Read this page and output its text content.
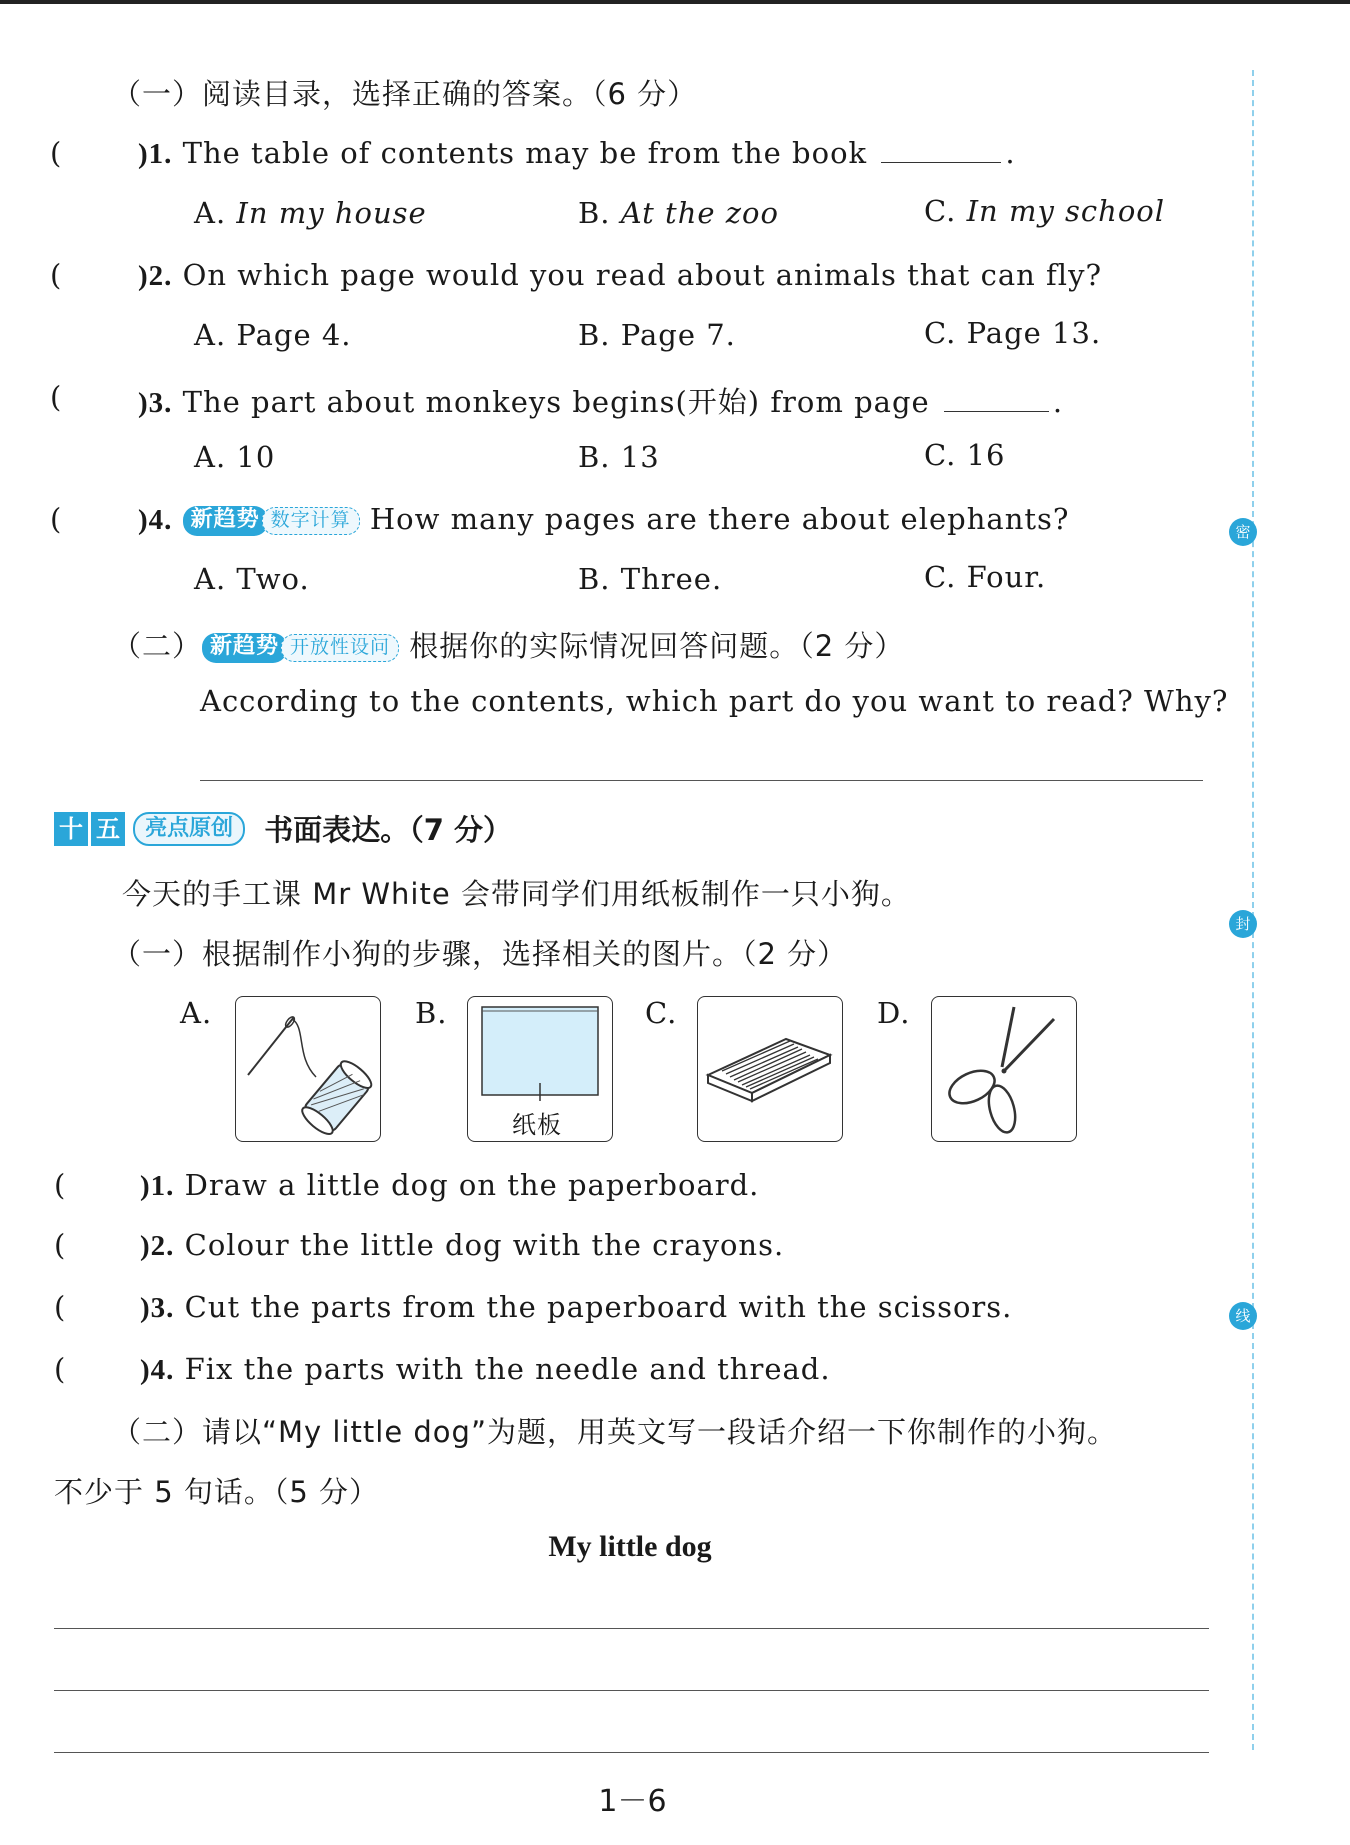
密
封
线
（一）阅读目录，选择正确的答案。（6 分）
(	)1. The table of contents may be from the book	.
A. In my house	B. At the zoo	C. In my school
(	)2. On which page would you read about animals that can fly?
A. Page 4.	B. Page 7.	C. Page 13.
(	)3. The part about monkeys begins(开始) from page	.
A. 10	B. 13	C. 16
(	)4. 新趋势 数字计算 How many pages are there about elephants?
A. Two.	B. Three.	C. Four.
（二） 新趋势 开放性设问 根据你的实际情况回答问题。（2 分）
According to the contents, which part do you want to read? Why?
十 五 亮点原创 书面表达。（7 分）
今天的手工课 Mr White 会带同学们用纸板制作一只小狗。
（一）根据制作小狗的步骤，选择相关的图片。（2 分）
A.	B.
纸板
C.	D.
(	)1. Draw a little dog on the paperboard.
(	)2. Colour the little dog with the crayons.
(	)3. Cut the parts from the paperboard with the scissors.
(	)4. Fix the parts with the needle and thread.
（二）请以“My little dog”为题，用英文写一段话介绍一下你制作的小狗。
不少于 5 句话。（5 分）
My little dog
1－6
